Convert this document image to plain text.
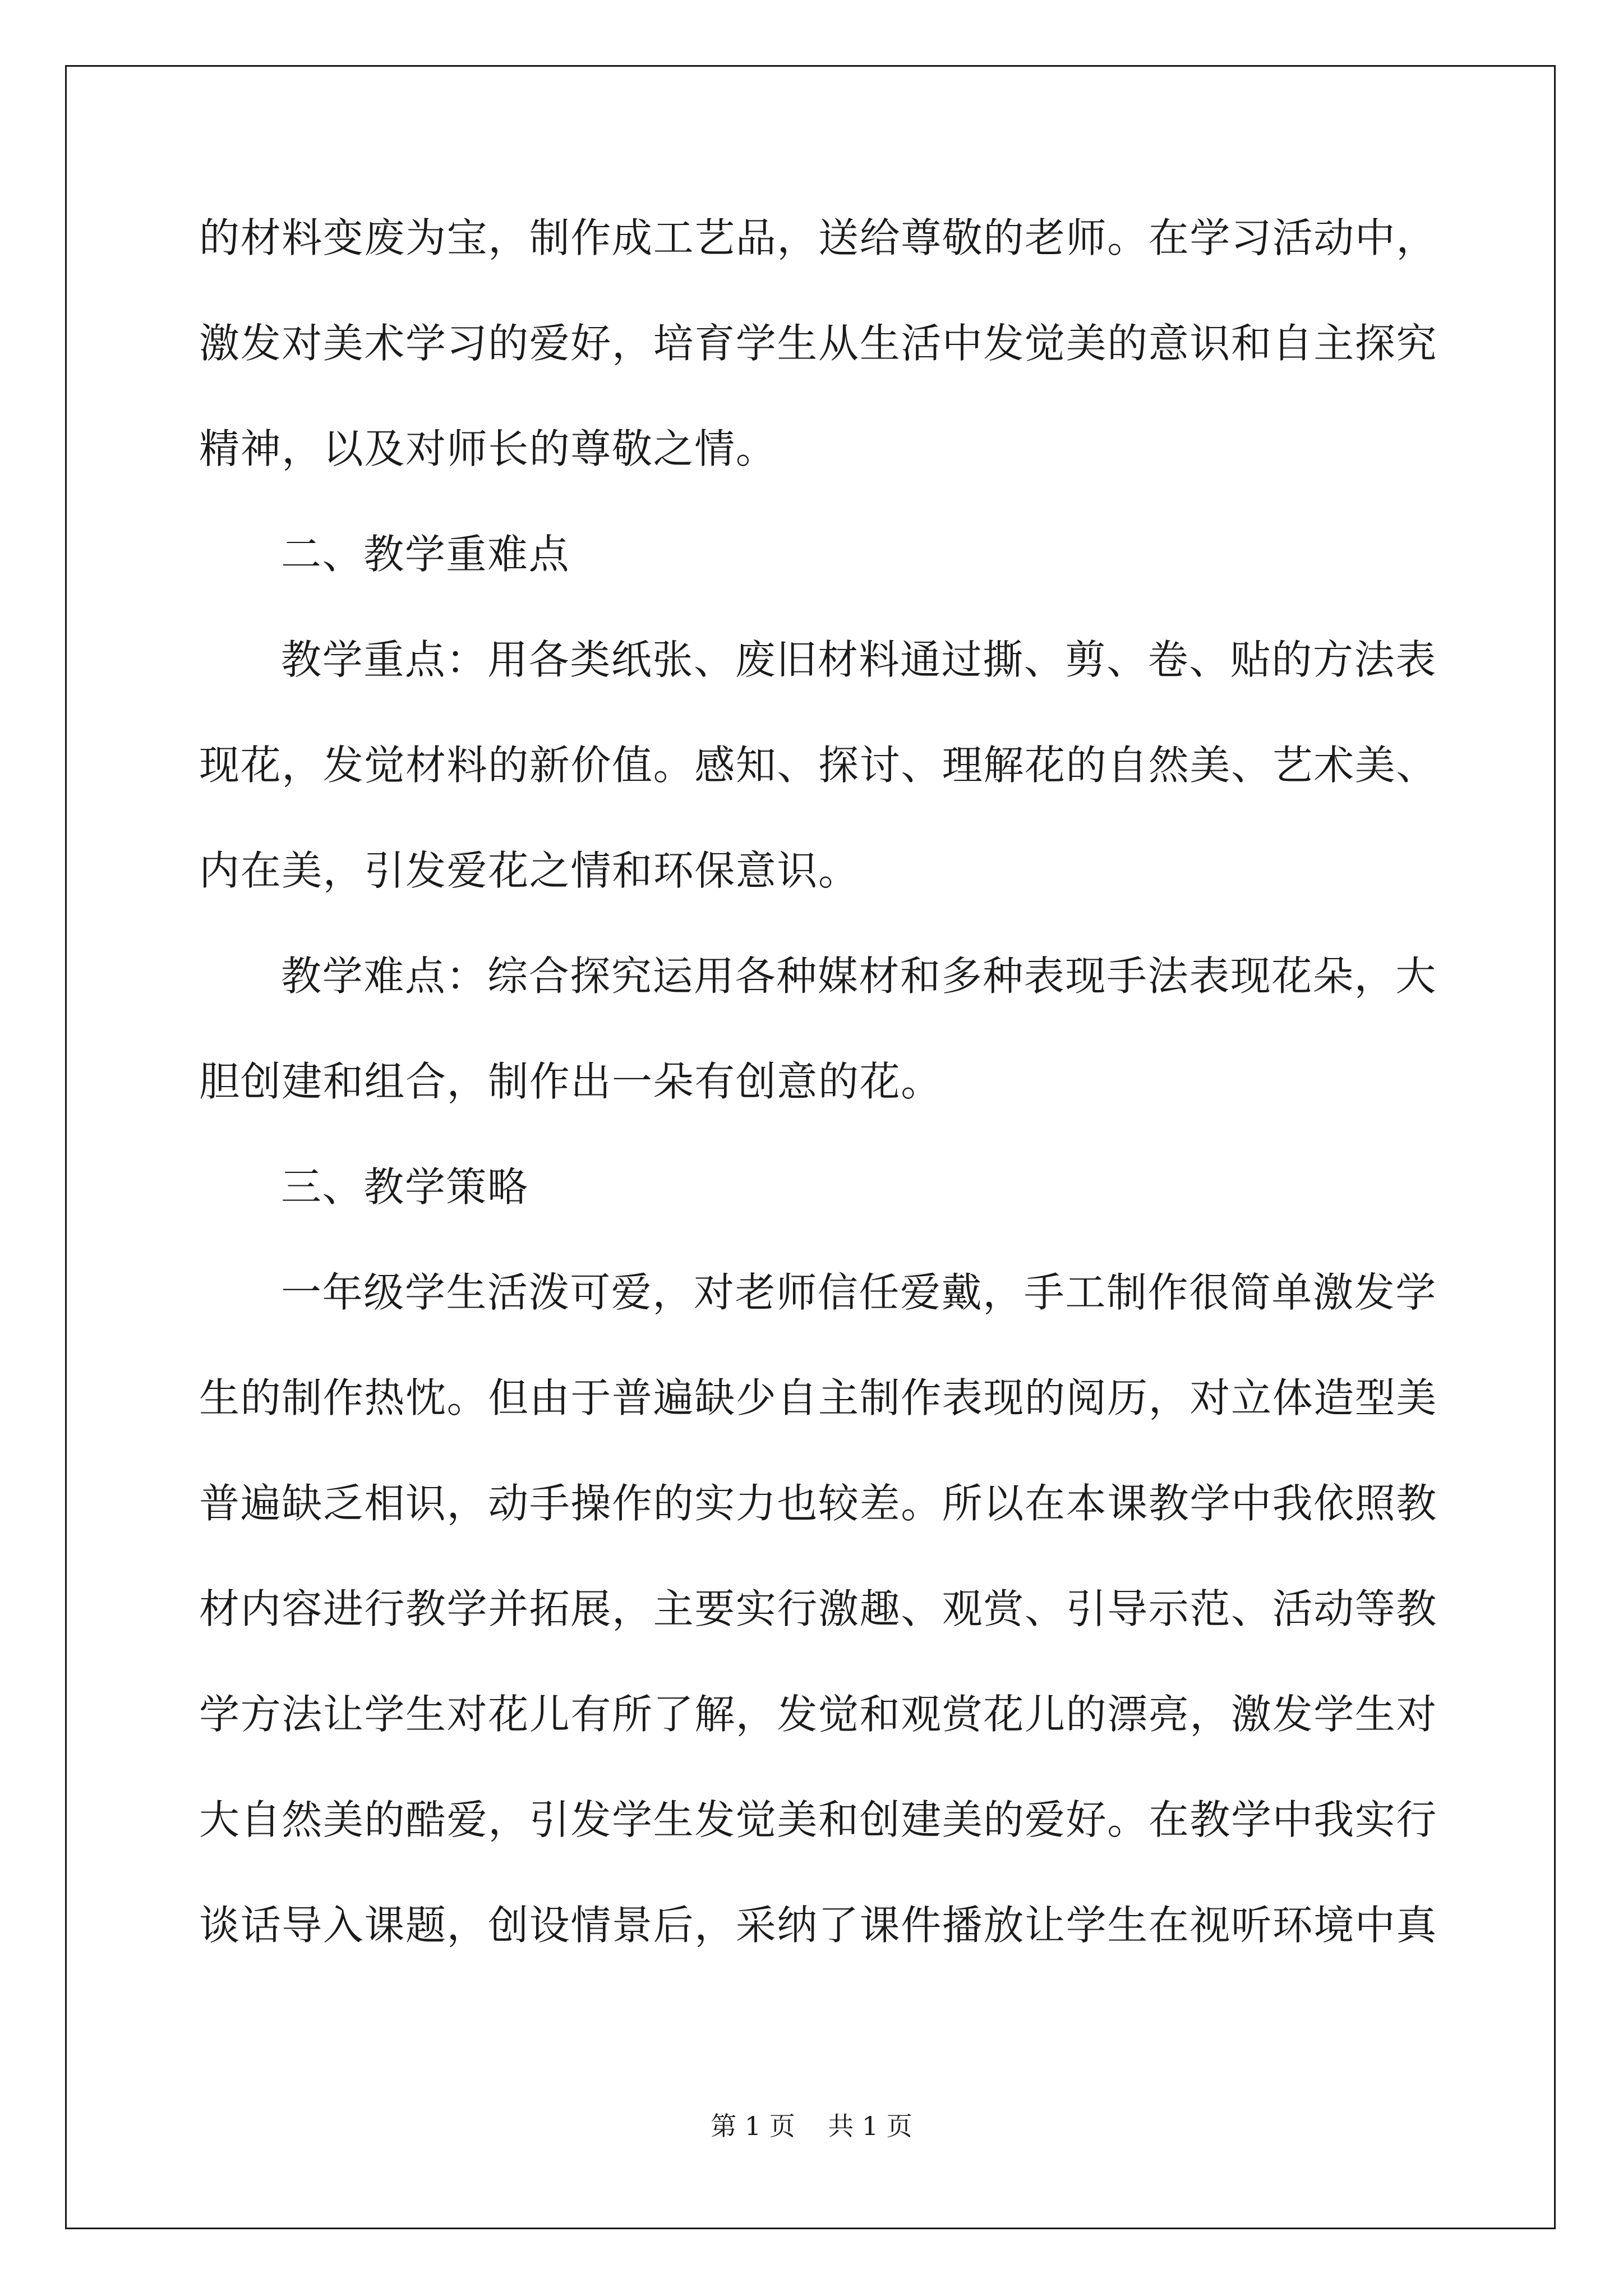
的材料变废为宝，制作成工艺品，送给尊敬的老师。在学习活动中，
激发对美术学习的爱好，培育学生从生活中发觉美的意识和自主探究
精神，以及对师长的尊敬之情。
二、教学重难点
教学重点：用各类纸张、废旧材料通过撕、剪、卷、贴的方法表
现花，发觉材料的新价值。感知、探讨、理解花的自然美、艺术美、
内在美，引发爱花之情和环保意识。
教学难点：综合探究运用各种媒材和多种表现手法表现花朵，大
胆创建和组合，制作出一朵有创意的花。
三、教学策略
一年级学生活泼可爱，对老师信任爱戴，手工制作很简单激发学
生的制作热忱。但由于普遍缺少自主制作表现的阅历，对立体造型美
普遍缺乏相识，动手操作的实力也较差。所以在本课教学中我依照教
材内容进行教学并拓展，主要实行激趣、观赏、引导示范、活动等教
学方法让学生对花儿有所了解，发觉和观赏花儿的漂亮，激发学生对
大自然美的酷爱，引发学生发觉美和创建美的爱好。在教学中我实行
谈话导入课题，创设情景后，采纳了课件播放让学生在视听环境中真
第 1 页    共 1 页
